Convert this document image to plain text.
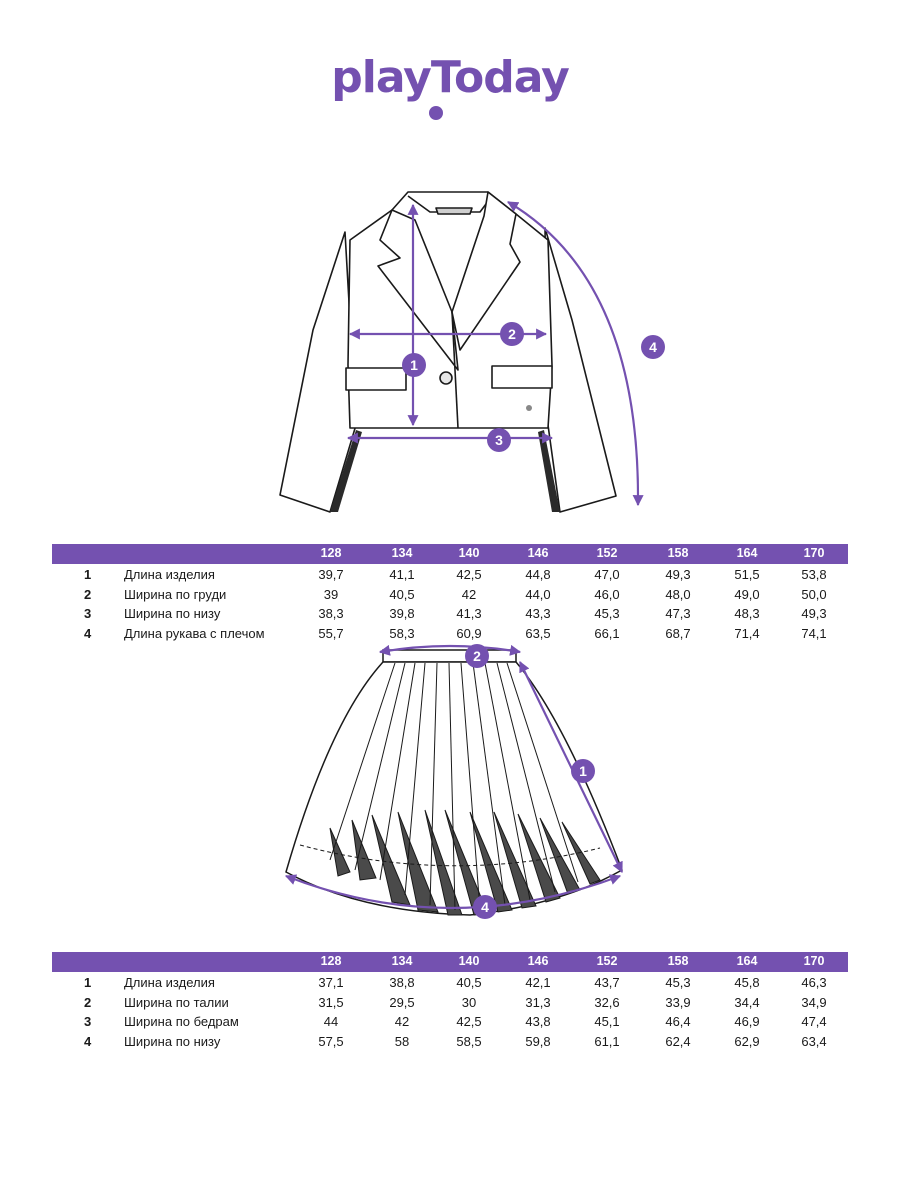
playToday
1
2
3
4
128	134	140	146	152	158	164	170
1	Длина изделия	39,7	41,1	42,5	44,8	47,0	49,3	51,5	53,8
2	Ширина по груди	39	40,5	42	44,0	46,0	48,0	49,0	50,0
3	Ширина по низу	38,3	39,8	41,3	43,3	45,3	47,3	48,3	49,3
4	Длина рукава с плечом	55,7	58,3	60,9	63,5	66,1	68,7	71,4	74,1
2
1
4
128	134	140	146	152	158	164	170
1	Длина изделия	37,1	38,8	40,5	42,1	43,7	45,3	45,8	46,3
2	Ширина по талии	31,5	29,5	30	31,3	32,6	33,9	34,4	34,9
3	Ширина по бедрам	44	42	42,5	43,8	45,1	46,4	46,9	47,4
4	Ширина по низу	57,5	58	58,5	59,8	61,1	62,4	62,9	63,4
